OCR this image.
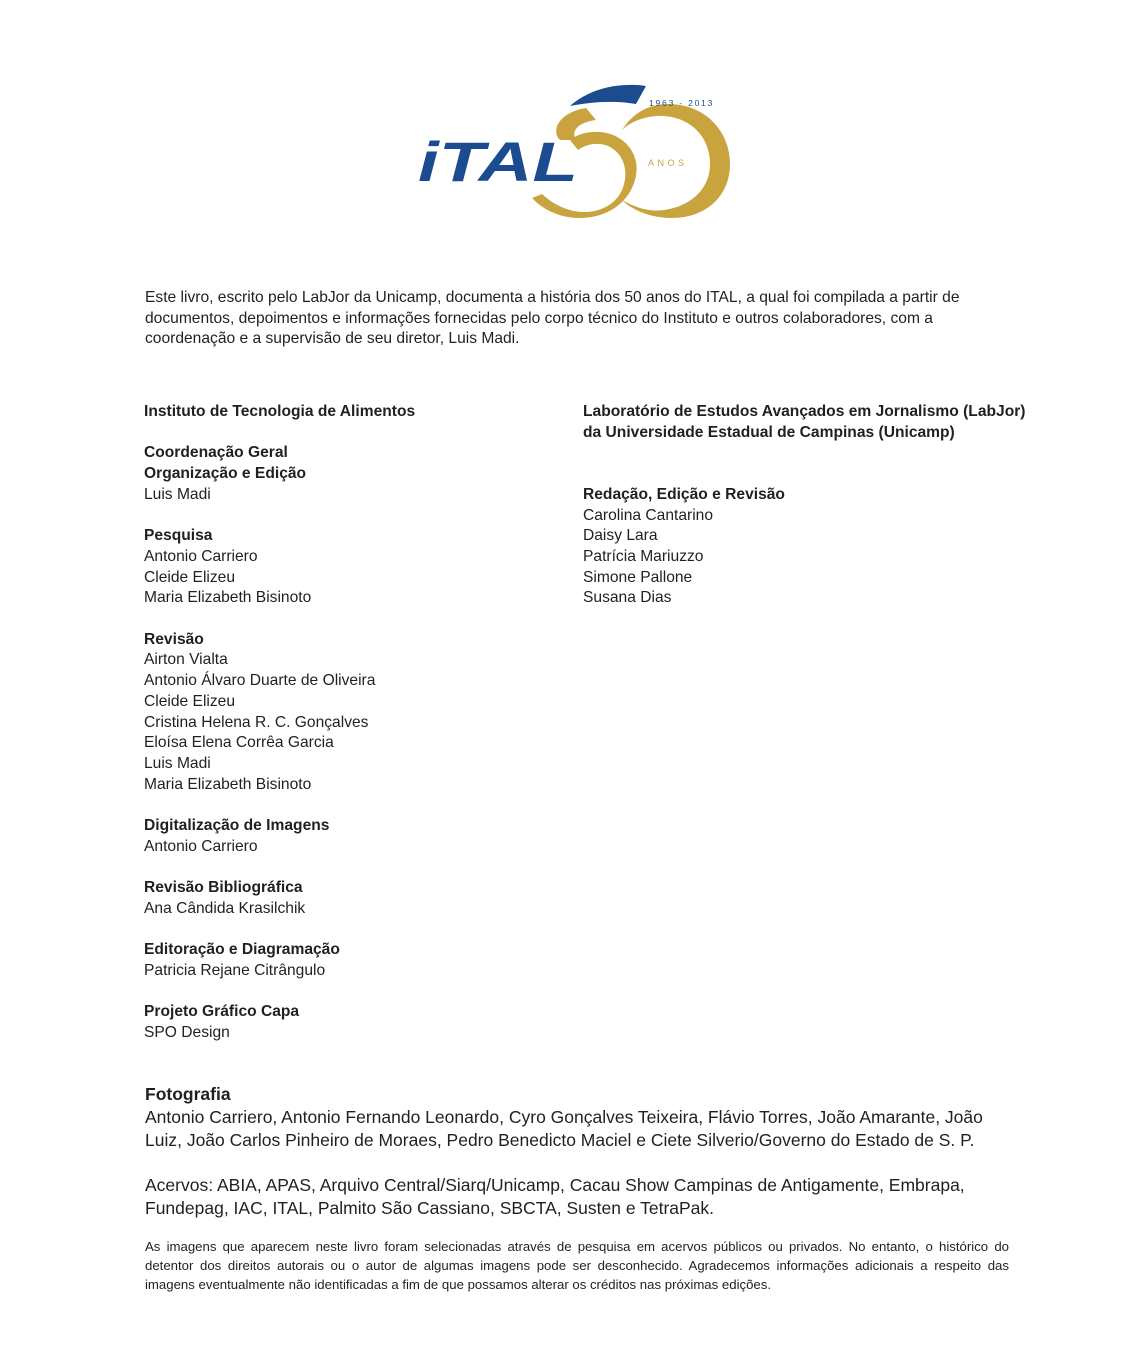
iTAL
1963 - 2013
ANOS
Este livro, escrito pelo LabJor da Unicamp, documenta a história dos 50 anos do ITAL, a qual foi compilada a partir de documentos, depoimentos e informações fornecidas pelo corpo técnico do Instituto e outros colaboradores, com a coordenação e a supervisão de seu diretor, Luis Madi.
Instituto de Tecnologia de Alimentos
Coordenação Geral
Organização e Edição
Luis Madi
Pesquisa
Antonio Carriero
Cleide Elizeu
Maria Elizabeth Bisinoto
Revisão
Airton Vialta
Antonio Álvaro Duarte de Oliveira
Cleide Elizeu
Cristina Helena R. C. Gonçalves
Eloísa Elena Corrêa Garcia
Luis Madi
Maria Elizabeth Bisinoto
Digitalização de Imagens
Antonio Carriero
Revisão Bibliográfica
Ana Cândida Krasilchik
Editoração e Diagramação
Patricia Rejane Citrângulo
Projeto Gráfico Capa
SPO Design
Laboratório de Estudos Avançados em Jornalismo (LabJor)
da Universidade Estadual de Campinas (Unicamp)
Redação, Edição e Revisão
Carolina Cantarino
Daisy Lara
Patrícia Mariuzzo
Simone Pallone
Susana Dias
Fotografia
Antonio Carriero, Antonio Fernando Leonardo, Cyro Gonçalves Teixeira, Flávio Torres, João Amarante, João Luiz, João Carlos Pinheiro de Moraes, Pedro Benedicto Maciel e Ciete Silverio/Governo do Estado de S. P.
Acervos: ABIA, APAS, Arquivo Central/Siarq/Unicamp, Cacau Show Campinas de Antigamente, Embrapa, Fundepag, IAC, ITAL, Palmito São Cassiano, SBCTA, Susten e TetraPak.
As imagens que aparecem neste livro foram selecionadas através de pesquisa em acervos públicos ou privados. No entanto, o histórico do detentor dos direitos autorais ou o autor de algumas imagens pode ser desconhecido. Agradecemos informações adicionais a respeito das imagens eventualmente não identificadas a fim de que possamos alterar os créditos nas próximas edições.
